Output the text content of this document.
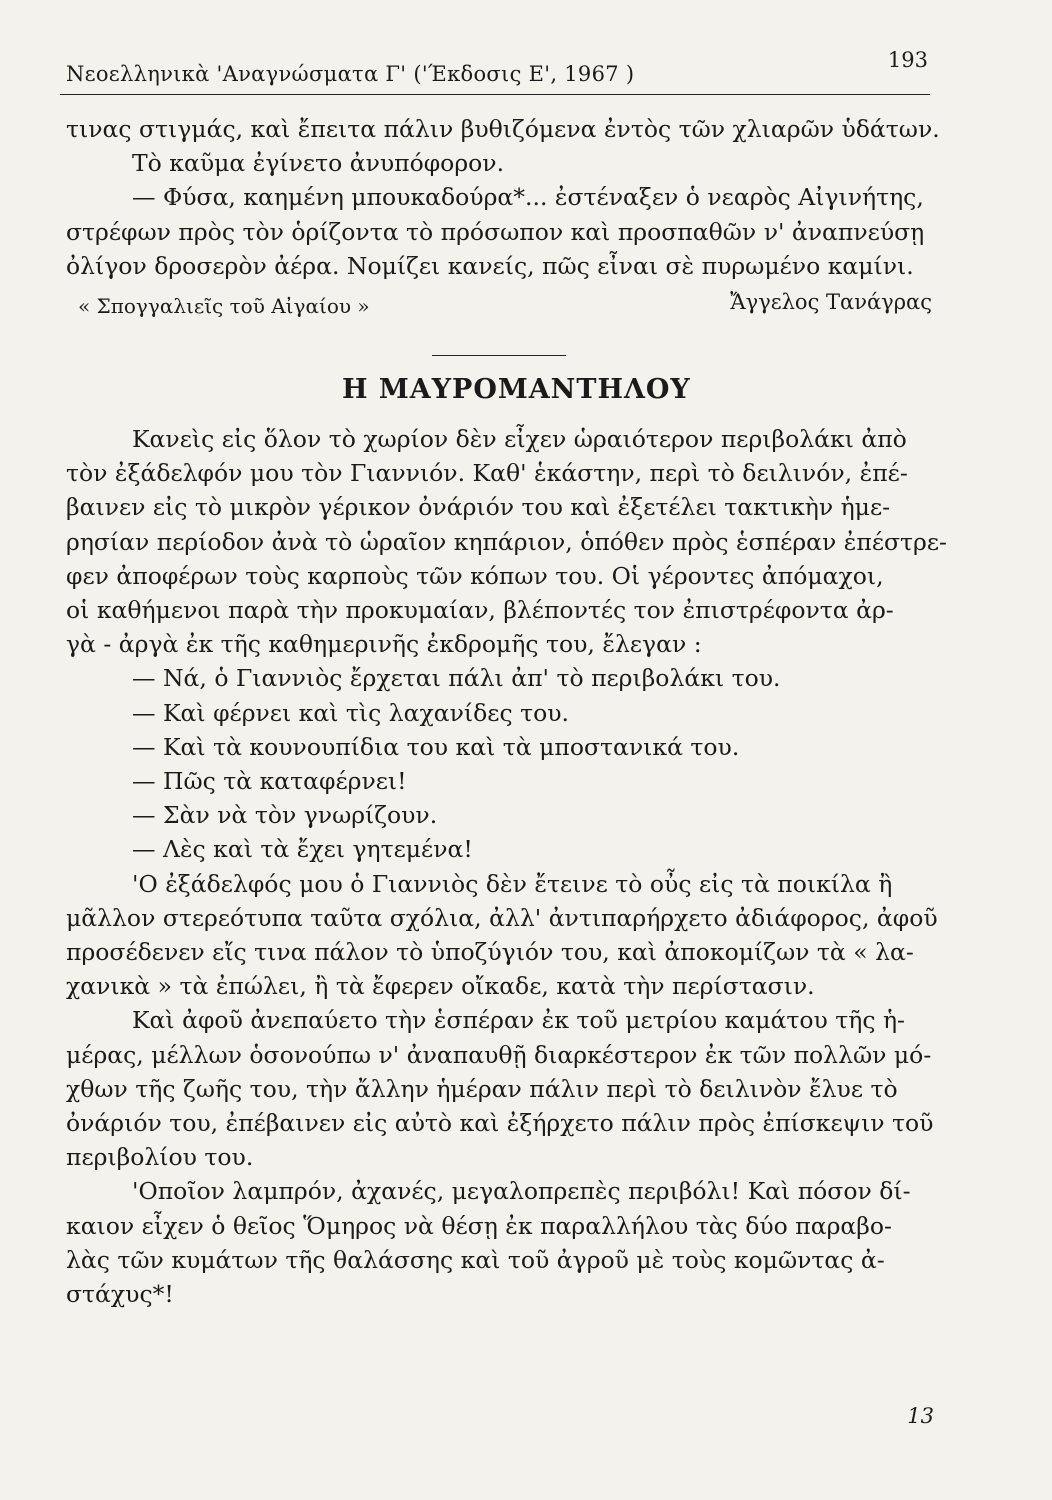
Νεοελληνικὰ 'Αναγνώσματα Γ' ('Έκδοσις Ε', 1967 )
193
τινας στιγμάς, καὶ ἔπειτα πάλιν βυθιζόμενα ἐντὸς τῶν χλιαρῶν ὑδάτων.
Τὸ καῦμα ἐγίνετο ἀνυπόφορον.
— Φύσα, καημένη μπουκαδούρα*... ἐστέναξεν ὁ νεαρὸς Αἰγινήτης,
στρέφων πρὸς τὸν ὁρίζοντα τὸ πρόσωπον καὶ προσπαθῶν ν' ἀναπνεύσῃ
ὀλίγον δροσερὸν ἀέρα. Νομίζει κανείς, πῶς εἶναι σὲ πυρωμένο καμίνι.
« Σπογγαλιεῖς τοῦ Αἰγαίου »	Ἄγγελος Τανάγρας
Η ΜΑΥΡΟΜΑΝΤΗΛΟΥ
Κανεὶς εἰς ὅλον τὸ χωρίον δὲν εἶχεν ὡραιότερον περιβολάκι ἀπὸ
τὸν ἐξάδελφόν μου τὸν Γιαννιόν. Καθ' ἑκάστην, περὶ τὸ δειλινόν, ἐπέ-
βαινεν εἰς τὸ μικρὸν γέρικον ὀνάριόν του καὶ ἐξετέλει τακτικὴν ἡμε-
ρησίαν περίοδον ἀνὰ τὸ ὡραῖον κηπάριον, ὁπόθεν πρὸς ἑσπέραν ἐπέστρε-
φεν ἀποφέρων τοὺς καρποὺς τῶν κόπων του. Οἱ γέροντες ἀπόμαχοι,
οἱ καθήμενοι παρὰ τὴν προκυμαίαν, βλέποντές τον ἐπιστρέφοντα ἀρ-
γὰ - ἀργὰ ἐκ τῆς καθημερινῆς ἐκδρομῆς του, ἔλεγαν :
— Νά, ὁ Γιαννιὸς ἔρχεται πάλι ἀπ' τὸ περιβολάκι του.
— Καὶ φέρνει καὶ τὶς λαχανίδες του.
— Καὶ τὰ κουνουπίδια του καὶ τὰ μποστανικά του.
— Πῶς τὰ καταφέρνει!
— Σὰν νὰ τὸν γνωρίζουν.
— Λὲς καὶ τὰ ἔχει γητεμένα!
'Ο ἐξάδελφός μου ὁ Γιαννιὸς δὲν ἔτεινε τὸ οὖς εἰς τὰ ποικίλα ἢ
μᾶλλον στερεότυπα ταῦτα σχόλια, ἀλλ' ἀντιπαρήρχετο ἀδιάφορος, ἀφοῦ
προσέδενεν εἴς τινα πάλον τὸ ὑποζύγιόν του, καὶ ἀποκομίζων τὰ « λα-
χανικὰ » τὰ ἐπώλει, ἢ τὰ ἔφερεν οἴκαδε, κατὰ τὴν περίστασιν.
Καὶ ἀφοῦ ἀνεπαύετο τὴν ἑσπέραν ἐκ τοῦ μετρίου καμάτου τῆς ἡ-
μέρας, μέλλων ὁσονούπω ν' ἀναπαυθῇ διαρκέστερον ἐκ τῶν πολλῶν μό-
χθων τῆς ζωῆς του, τὴν ἄλλην ἡμέραν πάλιν περὶ τὸ δειλινὸν ἔλυε τὸ
ὀνάριόν του, ἐπέβαινεν εἰς αὐτὸ καὶ ἐξήρχετο πάλιν πρὸς ἐπίσκεψιν τοῦ
περιβολίου του.
'Οποῖον λαμπρόν, ἀχανές, μεγαλοπρεπὲς περιβόλι! Καὶ πόσον δί-
καιον εἶχεν ὁ θεῖος Ὅμηρος νὰ θέσῃ ἐκ παραλλήλου τὰς δύο παραβο-
λὰς τῶν κυμάτων τῆς θαλάσσης καὶ τοῦ ἀγροῦ μὲ τοὺς κομῶντας ἀ-
στάχυς*!
13
